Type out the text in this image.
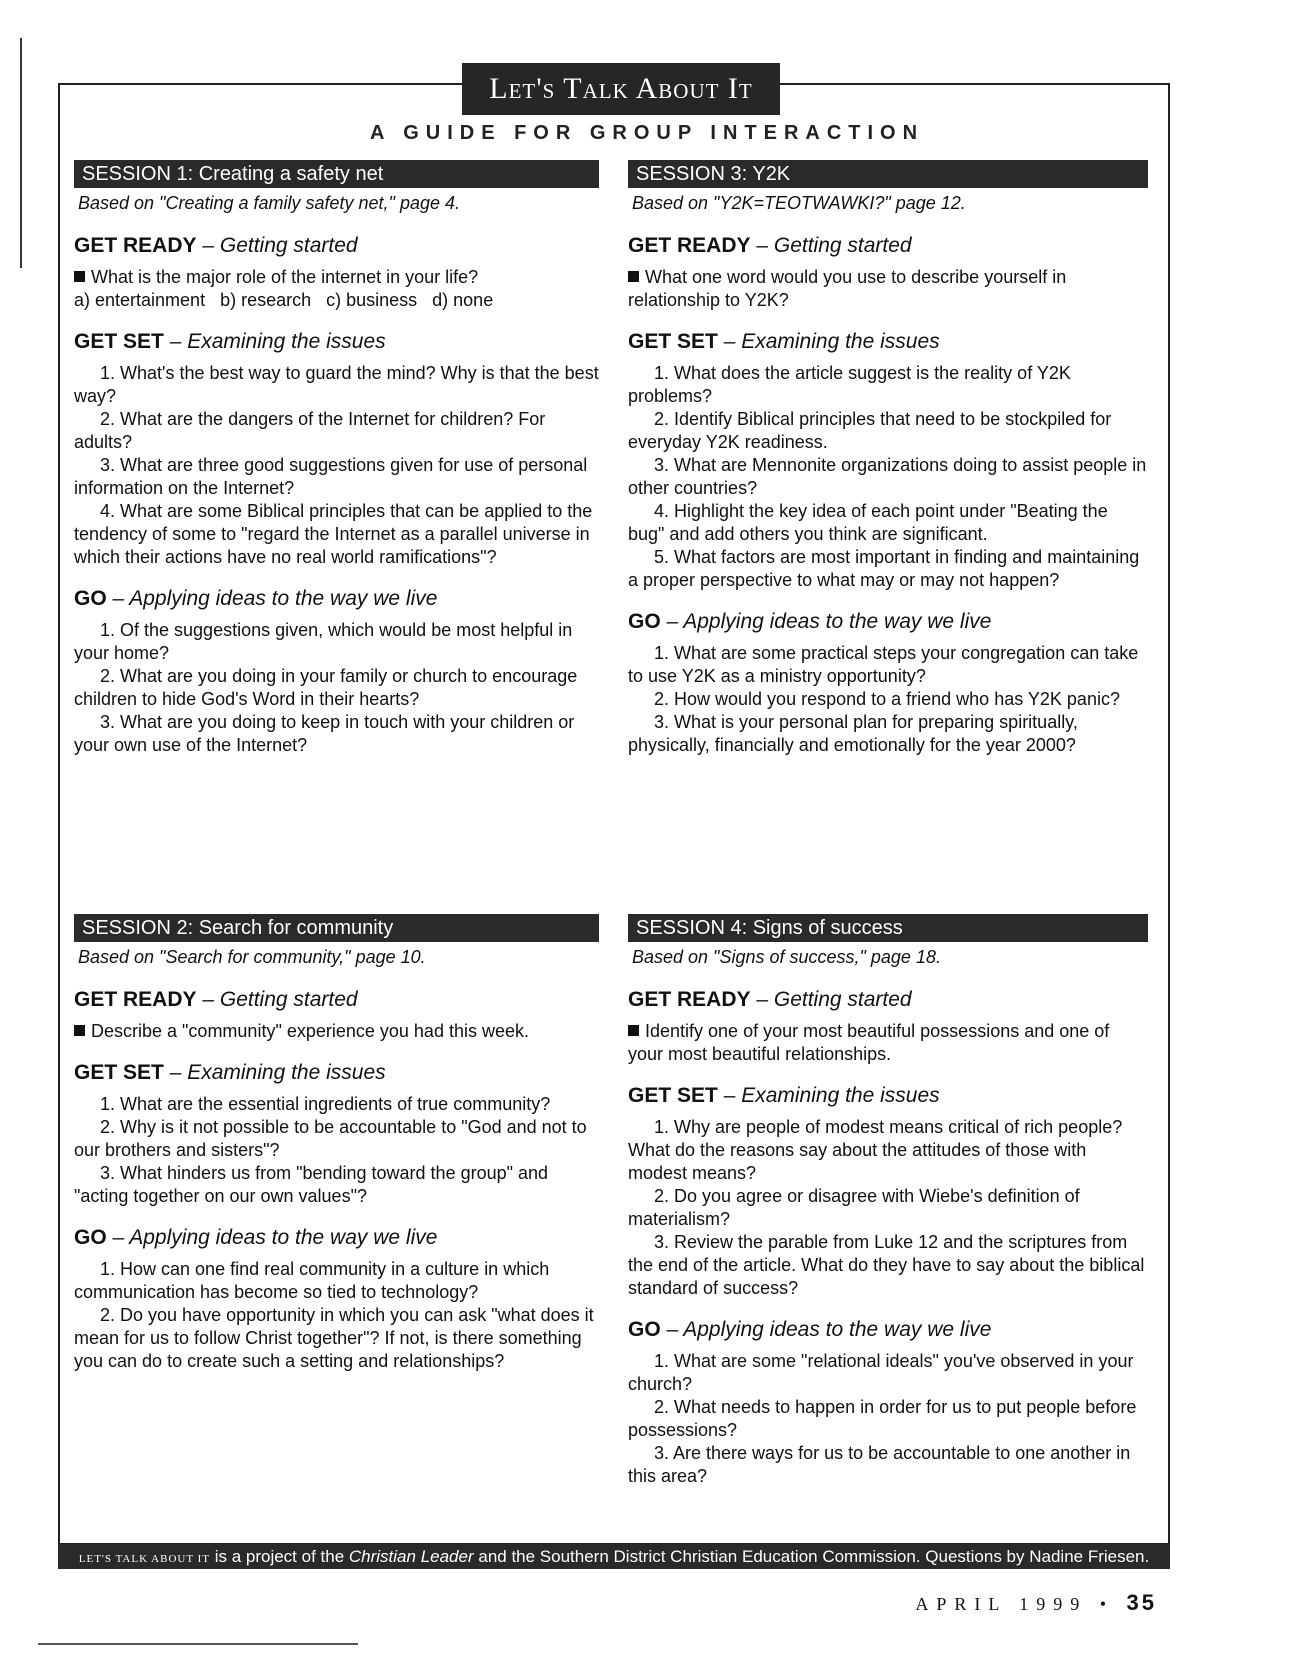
Let's Talk About It
A GUIDE FOR GROUP INTERACTION
SESSION 1: Creating a safety net
Based on "Creating a family safety net," page 4.
GET READY – Getting started
What is the major role of the internet in your life?
a) entertainment   b) research   c) business   d) none
GET SET – Examining the issues
1. What's the best way to guard the mind? Why is that the best way?
2. What are the dangers of the Internet for children? For adults?
3. What are three good suggestions given for use of personal information on the Internet?
4. What are some Biblical principles that can be applied to the tendency of some to "regard the Internet as a parallel universe in which their actions have no real world ramifications"?
GO – Applying ideas to the way we live
1. Of the suggestions given, which would be most helpful in your home?
2. What are you doing in your family or church to encourage children to hide God's Word in their hearts?
3. What are you doing to keep in touch with your children or your own use of the Internet?
SESSION 3: Y2K
Based on "Y2K=TEOTWAWKI?" page 12.
GET READY – Getting started
What one word would you use to describe yourself in relationship to Y2K?
GET SET – Examining the issues
1. What does the article suggest is the reality of Y2K problems?
2. Identify Biblical principles that need to be stockpiled for everyday Y2K readiness.
3. What are Mennonite organizations doing to assist people in other countries?
4. Highlight the key idea of each point under "Beating the bug" and add others you think are significant.
5. What factors are most important in finding and maintaining a proper perspective to what may or may not happen?
GO – Applying ideas to the way we live
1. What are some practical steps your congregation can take to use Y2K as a ministry opportunity?
2. How would you respond to a friend who has Y2K panic?
3. What is your personal plan for preparing spiritually, physically, financially and emotionally for the year 2000?
SESSION 2: Search for community
Based on "Search for community," page 10.
GET READY – Getting started
Describe a "community" experience you had this week.
GET SET – Examining the issues
1. What are the essential ingredients of true community?
2. Why is it not possible to be accountable to "God and not to our brothers and sisters"?
3. What hinders us from "bending toward the group" and "acting together on our own values"?
GO – Applying ideas to the way we live
1. How can one find real community in a culture in which communication has become so tied to technology?
2. Do you have opportunity in which you can ask "what does it mean for us to follow Christ together"? If not, is there something you can do to create such a setting and relationships?
SESSION 4: Signs of success
Based on "Signs of success," page 18.
GET READY – Getting started
Identify one of your most beautiful possessions and one of your most beautiful relationships.
GET SET – Examining the issues
1. Why are people of modest means critical of rich people? What do the reasons say about the attitudes of those with modest means?
2. Do you agree or disagree with Wiebe's definition of materialism?
3. Review the parable from Luke 12 and the scriptures from the end of the article. What do they have to say about the biblical standard of success?
GO – Applying ideas to the way we live
1. What are some "relational ideals" you've observed in your church?
2. What needs to happen in order for us to put people before possessions?
3. Are there ways for us to be accountable to one another in this area?
LET'S TALK ABOUT IT is a project of the Christian Leader and the Southern District Christian Education Commission. Questions by Nadine Friesen.
APRIL 1999 • 35
